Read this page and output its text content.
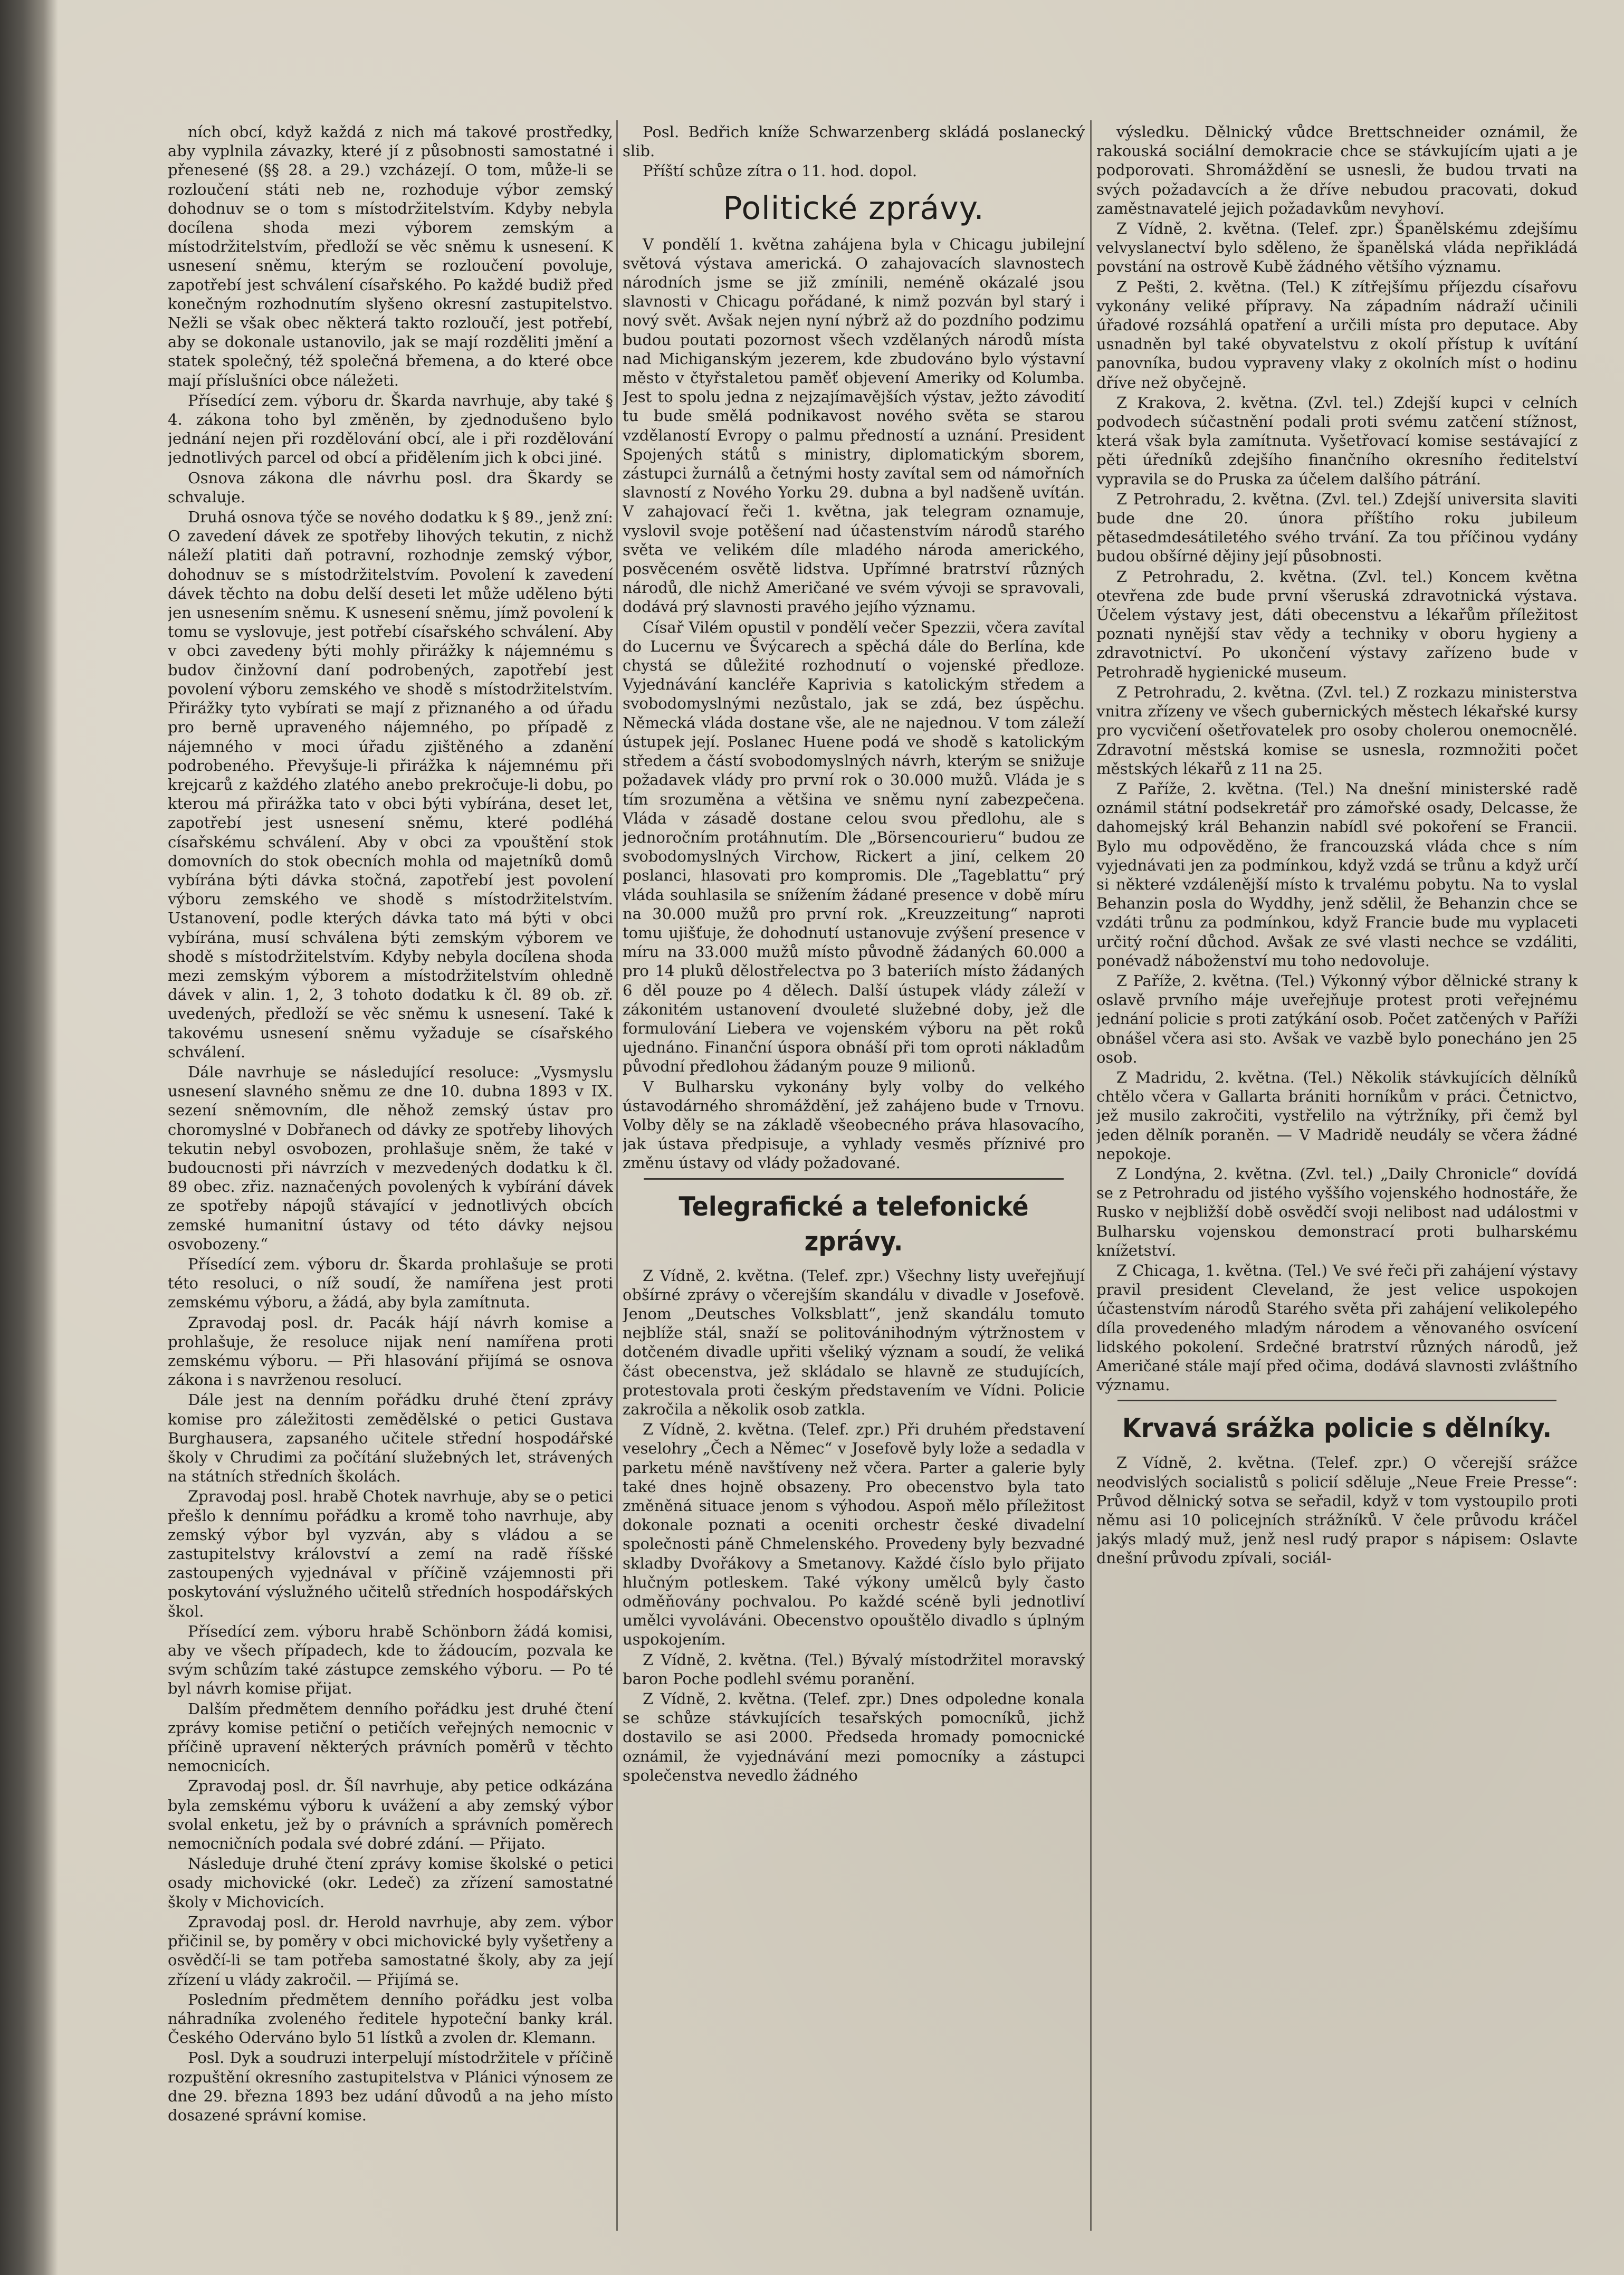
ních obcí, když každá z nich má takové prostředky, aby vyplnila závazky, které jí z působnosti samostatné i přenesené (§§ 28. a 29.) vzcházejí. O tom, může-li se rozloučení státi neb ne, rozhoduje výbor zemský dohodnuv se o tom s místodržitelstvím. Kdyby nebyla docílena shoda mezi výborem zemským a místodržitelstvím, předloží se věc sněmu k usnesení. K usnesení sněmu, kterým se rozloučení povoluje, zapotřebí jest schválení císařského. Po každé budiž před konečným rozhodnutím slyšeno okresní zastupitelstvo. Nežli se však obec některá takto rozloučí, jest potřebí, aby se dokonale ustanovilo, jak se mají rozděliti jmění a statek společný, též společná břemena, a do které obce mají příslušníci obce náležeti.

Přísedící zem. výboru dr. Škarda navrhuje, aby také § 4. zákona toho byl změněn, by zjednodušeno bylo jednání nejen při rozdělování obcí, ale i při rozdělování jednotlivých parcel od obcí a přidělením jich k obci jiné.

Osnova zákona dle návrhu posl. dra Škardy se schvaluje.

Druhá osnova týče se nového dodatku k § 89., jenž zní: O zavedení dávek ze spotřeby lihových tekutin, z nichž náleží platiti daň potravní, rozhodnje zemský výbor, dohodnuv se s místodržitelstvím. Povolení k zavedení dávek těchto na dobu delší deseti let může uděleno býti jen usnesením sněmu. K usnesení sněmu, jímž povolení k tomu se vyslovuje, jest potřebí císařského schválení. Aby v obci zavedeny býti mohly přirážky k nájemnému s budov činžovní daní podrobených, zapotřebí jest povolení výboru zemského ve shodě s místodržitelstvím. Přirážky tyto vybírati se mají z přiznaného a od úřadu pro berně upraveného nájemného, po případě z nájemného v moci úřadu zjištěného a zdanění podrobeného. Převyšuje-li přirážka k nájemnému při krejcarů z každého zlatého anebo prekročuje-li dobu, po kterou má přirážka tato v obci býti vybírána, deset let, zapotřebí jest usnesení sněmu, které podléhá císařskému schválení. Aby v obci za vpouštění stok domovních do stok obecních mohla od majetníků domů vybírána býti dávka stočná, zapotřebí jest povolení výboru zemského ve shodě s místodržitelstvím. Ustanovení, podle kterých dávka tato má býti v obci vybírána, musí schválena býti zemským výborem ve shodě s místodržitelstvím. Kdyby nebyla docílena shoda mezi zemským výborem a místodržitelstvím ohledně dávek v alin. 1, 2, 3 tohoto dodatku k čl. 89 ob. zř. uvedených, předloží se věc sněmu k usnesení. Také k takovému usnesení sněmu vyžaduje se císařského schválení.

Dále navrhuje se následující resoluce: „Vysmyslu usnesení slavného sněmu ze dne 10. dubna 1893 v IX. sezení sněmovním, dle něhož zemský ústav pro choromyslné v Dobřanech od dávky ze spotřeby lihových tekutin nebyl osvobozen, prohlašuje sněm, že také v budoucnosti při návrzích v mezvedených dodatku k čl. 89 obec. zřiz. naznačených povolených k vybírání dávek ze spotřeby nápojů stávající v jednotlivých obcích zemské humanitní ústavy od této dávky nejsou osvobozeny.“

Přísedící zem. výboru dr. Škarda prohlašuje se proti této resoluci, o níž soudí, že namířena jest proti zemskému výboru, a žádá, aby byla zamítnuta.

Zpravodaj posl. dr. Pacák hájí návrh komise a prohlašuje, že resoluce nijak není namířena proti zemskému výboru. — Při hlasování přijímá se osnova zákona i s navrženou resolucí.

Dále jest na denním pořádku druhé čtení zprávy komise pro záležitosti zemědělské o petici Gustava Burghausera, zapsaného učitele střední hospodářské školy v Chrudimi za počítání služebných let, strávených na státních středních školách.

Zpravodaj posl. hrabě Chotek navrhuje, aby se o petici přešlo k dennímu pořádku a kromě toho navrhuje, aby zemský výbor byl vyzván, aby s vládou a se zastupitelstvy království a zemí na radě říšské zastoupených vyjednával v příčině vzájemnosti při poskytování výslužného učitelů středních hospodářských škol.

Přísedící zem. výboru hrabě Schönborn žádá komisi, aby ve všech případech, kde to žádoucím, pozvala ke svým schůzím také zástupce zemského výboru. — Po té byl návrh komise přijat.

Dalším předmětem denního pořádku jest druhé čtení zprávy komise petiční o petičích veřejných nemocnic v příčině upravení některých právních poměrů v těchto nemocnicích.

Zpravodaj posl. dr. Šíl navrhuje, aby petice odkázána byla zemskému výboru k uvážení a aby zemský výbor svolal enketu, jež by o právních a správních poměrech nemocničních podala své dobré zdání. — Přijato.

Následuje druhé čtení zprávy komise školské o petici osady michovické (okr. Ledeč) za zřízení samostatné školy v Michovicích.

Zpravodaj posl. dr. Herold navrhuje, aby zem. výbor přičinil se, by poměry v obci michovické byly vyšetřeny a osvědčí-li se tam potřeba samostatné školy, aby za její zřízení u vlády zakročil. — Přijímá se.

Posledním předmětem denního pořádku jest volba náhradníka zvoleného ředitele hypoteční banky král. Českého Oderváno bylo 51 lístků a zvolen dr. Klemann.

Posl. Dyk a soudruzi interpelují místodržitele v příčině rozpuštění okresního zastupitelstva v Plánici výnosem ze dne 29. března 1893 bez udání důvodů a na jeho místo dosazené správní komise.

Posl. Bedřich kníže Schwarzenberg skládá poslanecký slib.

Příští schůze zítra o 11. hod. dopol.

Politické zprávy.

V pondělí 1. května zahájena byla v Chicagu jubilejní světová výstava americká. O zahajovacích slavnostech národních jsme se již zmínili, neméně okázalé jsou slavnosti v Chicagu pořádané, k nimž pozván byl starý i nový svět. Avšak nejen nyní nýbrž až do pozdního podzimu budou poutati pozornost všech vzdělaných národů místa nad Michiganským jezerem, kde zbudováno bylo výstavní město v čtyřstaletou paměť objevení Ameriky od Kolumba. Jest to spolu jedna z nejzajímavějších výstav, ježto závodití tu bude smělá podnikavost nového světa se starou vzdělaností Evropy o palmu předností a uznání. President Spojených států s ministry, diplomatickým sborem, zástupci žurnálů a četnými hosty zavítal sem od námořních slavností z Nového Yorku 29. dubna a byl nadšeně uvítán. V zahajovací řeči 1. května, jak telegram oznamuje, vyslovil svoje potěšení nad účastenstvím národů starého světa ve velikém díle mladého národa amerického, posvěceném osvětě lidstva. Upřímné bratrství různých národů, dle nichž Američané ve svém vývoji se spravovali, dodává prý slavnosti pravého jejího významu.

Císař Vilém opustil v pondělí večer Spezzii, včera zavítal do Lucernu ve Švýcarech a spěchá dále do Berlína, kde chystá se důležité rozhodnutí o vojenské předloze. Vyjednávání kancléře Kaprivia s katolickým středem a svobodomyslnými nezůstalo, jak se zdá, bez úspěchu. Německá vláda dostane vše, ale ne najednou. V tom záleží ústupek její. Poslanec Huene podá ve shodě s katolickým středem a částí svobodomyslných návrh, kterým se snižuje požadavek vlády pro první rok o 30.000 mužů. Vláda je s tím srozuměna a většina ve sněmu nyní zabezpečena. Vláda v zásadě dostane celou svou předlohu, ale s jednoročním protáhnutím. Dle „Börsencourieru“ budou ze svobodomyslných Virchow, Rickert a jiní, celkem 20 poslanci, hlasovati pro kompromis. Dle „Tageblattu“ prý vláda souhlasila se snížením žádané presence v době míru na 30.000 mužů pro první rok. „Kreuzzeitung“ naproti tomu ujišťuje, že dohodnutí ustanovuje zvýšení presence v míru na 33.000 mužů místo původně žádaných 60.000 a pro 14 pluků dělostřelectva po 3 bateriích místo žádaných 6 děl pouze po 4 dělech. Další ústupek vlády záleží v zákonitém ustanovení dvouleté služebné doby, jež dle formulování Liebera ve vojenském výboru na pět roků ujednáno. Finanční úspora obnáší při tom oproti nákladům původní předlohou žádaným pouze 9 milionů.

V Bulharsku vykonány byly volby do velkého ústavodárného shromáždění, jež zahájeno bude v Trnovu. Volby děly se na základě všeobecného práva hlasovacího, jak ústava předpisuje, a vyhlady vesměs příznivé pro změnu ústavy od vlády požadované.

Telegrafické a telefonické zprávy.

Z Vídně, 2. května. (Telef. zpr.) Všechny listy uveřejňují obšírné zprávy o včerejším skandálu v divadle v Josefově. Jenom „Deutsches Volksblatt“, jenž skandálu tomuto nejblíže stál, snaží se politovánihodným výtržnostem v dotčeném divadle upřiti všeliký význam a soudí, že veliká část obecenstva, jež skládalo se hlavně ze studujících, protestovala proti českým představením ve Vídni. Policie zakročila a několik osob zatkla.

Z Vídně, 2. května. (Telef. zpr.) Při druhém představení veselohry „Čech a Němec“ v Josefově byly lože a sedadla v parketu méně navštíveny než včera. Parter a galerie byly také dnes hojně obsazeny. Pro obecenstvo byla tato změněná situace jenom s výhodou. Aspoň mělo příležitost dokonale poznati a oceniti orchestr české divadelní společnosti páně Chmelenského. Provedeny byly bezvadné skladby Dvořákovy a Smetanovy. Každé číslo bylo přijato hlučným potleskem. Také výkony umělců byly často odměňovány pochvalou. Po každé scéně byli jednotliví umělci vyvoláváni. Obecenstvo opouštělo divadlo s úplným uspokojením.

Z Vídně, 2. května. (Tel.) Bývalý místodržitel moravský baron Poche podlehl svému poranění.

Z Vídně, 2. května. (Telef. zpr.) Dnes odpoledne konala se schůze stávkujících tesařských pomocníků, jichž dostavilo se asi 2000. Předseda hromady pomocnické oznámil, že vyjednávání mezi pomocníky a zástupci společenstva nevedlo žádného

výsledku. Dělnický vůdce Brettschneider oznámil, že rakouská sociální demokracie chce se stávkujícím ujati a je podporovati. Shromáždění se usnesli, že budou trvati na svých požadavcích a že dříve nebudou pracovati, dokud zaměstnavatelé jejich požadavkům nevyhoví.

Z Vídně, 2. května. (Telef. zpr.) Španělskému zdejšímu velvyslanectví bylo sděleno, že španělská vláda nepřikládá povstání na ostrově Kubě žádného většího významu.

Z Pešti, 2. května. (Tel.) K zítřejšímu příjezdu císařovu vykonány veliké přípravy. Na západním nádraží učinili úřadové rozsáhlá opatření a určili místa pro deputace. Aby usnadněn byl také obyvatelstvu z okolí přístup k uvítání panovníka, budou vypraveny vlaky z okolních míst o hodinu dříve než obyčejně.

Z Krakova, 2. května. (Zvl. tel.) Zdejší kupci v celních podvodech súčastnění podali proti svému zatčení stížnost, která však byla zamítnuta. Vyšetřovací komise sestávající z pěti úředníků zdejšího finančního okresního ředitelství vypravila se do Pruska za účelem dalšího pátrání.

Z Petrohradu, 2. května. (Zvl. tel.) Zdejší universita slaviti bude dne 20. února příštího roku jubileum pětasedmdesátiletého svého trvání. Za tou příčinou vydány budou obšírné dějiny její působnosti.

Z Petrohradu, 2. května. (Zvl. tel.) Koncem května otevřena zde bude první všeruská zdravotnická výstava. Účelem výstavy jest, dáti obecenstvu a lékařům příležitost poznati nynější stav vědy a techniky v oboru hygieny a zdravotnictví. Po ukončení výstavy zařízeno bude v Petrohradě hygienické museum.

Z Petrohradu, 2. května. (Zvl. tel.) Z rozkazu ministerstva vnitra zřízeny ve všech gubernických městech lékařské kursy pro vycvičení ošetřovatelek pro osoby cholerou onemocnělé. Zdravotní městská komise se usnesla, rozmnožiti počet městských lékařů z 11 na 25.

Z Paříže, 2. května. (Tel.) Na dnešní ministerské radě oznámil státní podsekretář pro zámořské osady, Delcasse, že dahomejský král Behanzin nabídl své pokoření se Francii. Bylo mu odpověděno, že francouzská vláda chce s ním vyjednávati jen za podmínkou, když vzdá se trůnu a když určí si některé vzdálenější místo k trvalému pobytu. Na to vyslal Behanzin posla do Wyddhy, jenž sdělil, že Behanzin chce se vzdáti trůnu za podmínkou, když Francie bude mu vyplaceti určitý roční důchod. Avšak ze své vlasti nechce se vzdáliti, ponévadž náboženství mu toho nedovoluje.

Z Paříže, 2. května. (Tel.) Výkonný výbor dělnické strany k oslavě prvního máje uveřejňuje protest proti veřejnému jednání policie s proti zatýkání osob. Počet zatčených v Paříži obnášel včera asi sto. Avšak ve vazbě bylo ponecháno jen 25 osob.

Z Madridu, 2. května. (Tel.) Několik stávkujících dělníků chtělo včera v Gallarta brániti horníkům v práci. Četnictvo, jež musilo zakročiti, vystřelilo na výtržníky, při čemž byl jeden dělník poraněn. — V Madridě neudály se včera žádné nepokoje.

Z Londýna, 2. května. (Zvl. tel.) „Daily Chronicle“ dovídá se z Petrohradu od jistého vyššího vojenského hodnostáře, že Rusko v nejbližší době osvědčí svoji nelibost nad událostmi v Bulharsku vojenskou demonstrací proti bulharskému knížetství.

Z Chicaga, 1. května. (Tel.) Ve své řeči při zahájení výstavy pravil president Cleveland, že jest velice uspokojen účastenstvím národů Starého světa při zahájení velikolepého díla provedeného mladým národem a věnovaného osvícení lidského pokolení. Srdečné bratrství různých národů, jež Američané stále mají před očima, dodává slavnosti zvláštního významu.

Krvavá srážka policie s dělníky.

Z Vídně, 2. května. (Telef. zpr.) O včerejší srážce neodvislých socialistů s policií sděluje „Neue Freie Presse“: Průvod dělnický sotva se seřadil, když v tom vystoupilo proti němu asi 10 policejních strážníků. V čele průvodu kráčel jakýs mladý muž, jenž nesl rudý prapor s nápisem: Oslavte dnešní průvodu zpívali, sociál-
